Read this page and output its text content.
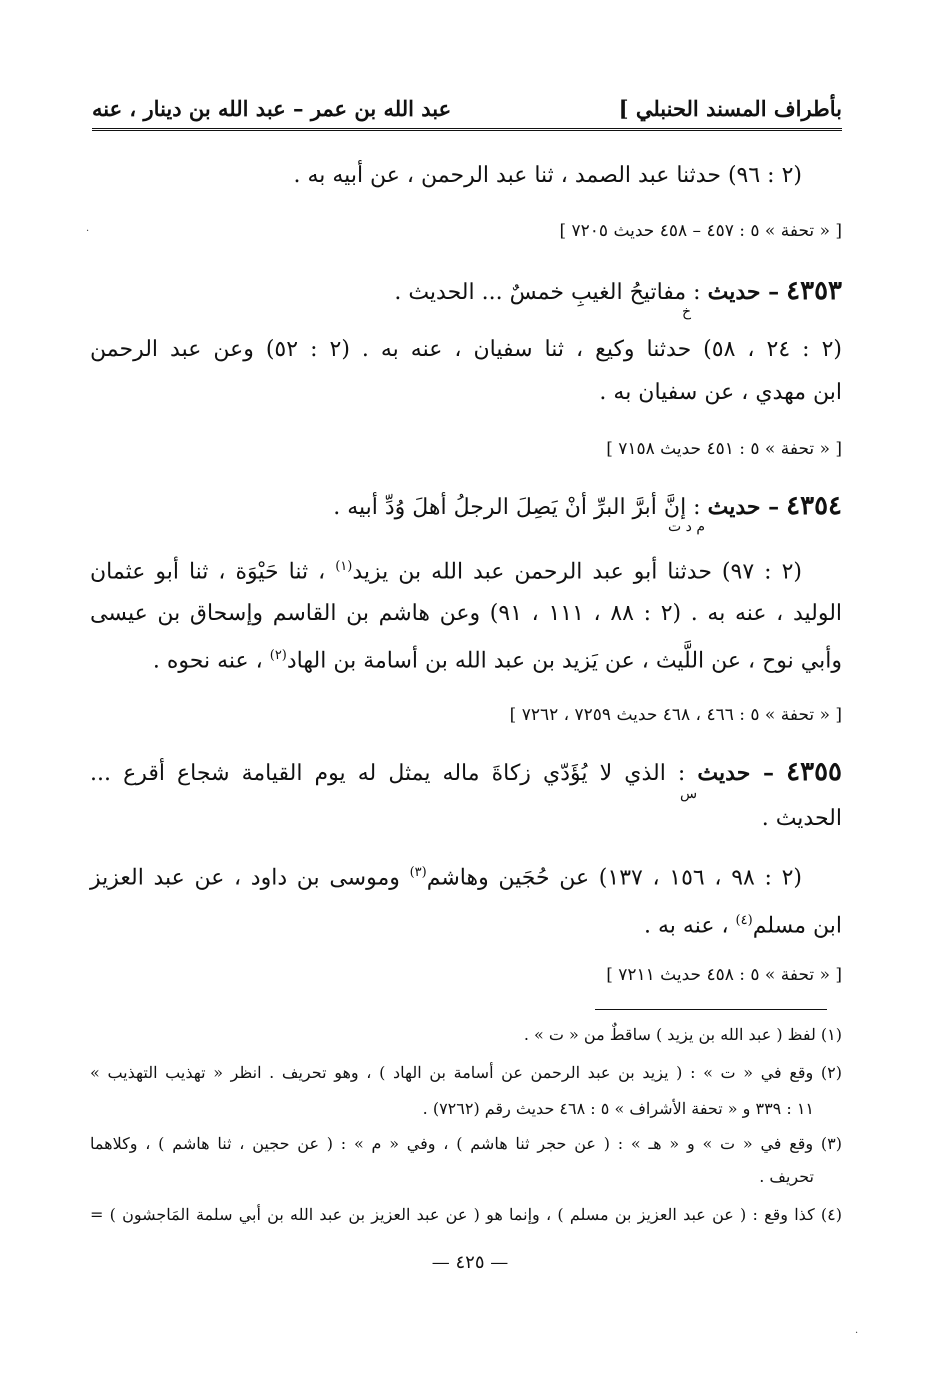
بأطراف المسند الحنبلي ]
عبد الله بن عمر – عبد الله بن دينار ، عنه
(٢ : ٩٦) حدثنا عبد الصمد ، ثنا عبد الرحمن ، عن أبيه به .
[ « تحفة » ٥ : ٤٥٧ – ٤٥٨ حديث ٧٢٠٥ ]
٤٣٥٣ – حديث : مفاتيحُ الغيبِ خمسٌ ... الحديث .
خ
(٢ : ٢٤ ، ٥٨) حدثنا وكيع ، ثنا سفيان ، عنه به . (٢ : ٥٢) وعن عبد الرحمن
ابن مهدي ، عن سفيان به .
[ « تحفة » ٥ : ٤٥١ حديث ٧١٥٨ ]
٤٣٥٤ – حديث : إنَّ أبرَّ البرِّ أنْ يَصِلَ الرجلُ أهلَ وُدِّ أبيه .
م د ت
(٢ : ٩٧) حدثنا أبو عبد الرحمن عبد الله بن يزيد$^{(١)}$ ، ثنا حَيْوَة ، ثنا أبو عثمان
الوليد ، عنه به . (٢ : ٨٨ ، ١١١ ، ٩١) وعن هاشم بن القاسم وإسحاق بن عيسى
وأبي نوح ، عن اللَّيث ، عن يَزيد بن عبد الله بن أسامة بن الهاد$^{(٢)}$ ، عنه نحوه .
[ « تحفة » ٥ : ٤٦٦ ، ٤٦٨ حديث ٧٢٥٩ ، ٧٢٦٢ ]
٤٣٥٥ – حديث : الذي لا يُؤَدّي زكاةَ ماله يمثل له يوم القيامة شجاع أقرع ...
س
الحديث .
(٢ : ٩٨ ، ١٥٦ ، ١٣٧) عن حُجَين وهاشم$^{(٣)}$ وموسى بن داود ، عن عبد العزيز
ابن مسلم$^{(٤)}$ ، عنه به .
[ « تحفة » ٥ : ٤٥٨ حديث ٧٢١١ ]
(١) لفظ ( عبد الله بن يزيد ) ساقطٌ من « ت » .
(٢) وقع في « ت » : ( يزيد بن عبد الرحمن عن أسامة بن الهاد ) ، وهو تحريف . انظر « تهذيب التهذيب »
١١ : ٣٣٩ و « تحفة الأشراف » ٥ : ٤٦٨ حديث رقم (٧٢٦٢) .
(٣) وقع في « ت » و « هـ » : ( عن حجر ثنا هاشم ) ، وفي « م » : ( عن حجين ، ثنا هاشم ) ، وكلاهما
تحريف .
(٤) كذا وقع : ( عن عبد العزيز بن مسلم ) ، وإنما هو ( عن عبد العزيز بن عبد الله بن أبي سلمة المَاجشون ) =
— ٤٢٥ —
·
·
